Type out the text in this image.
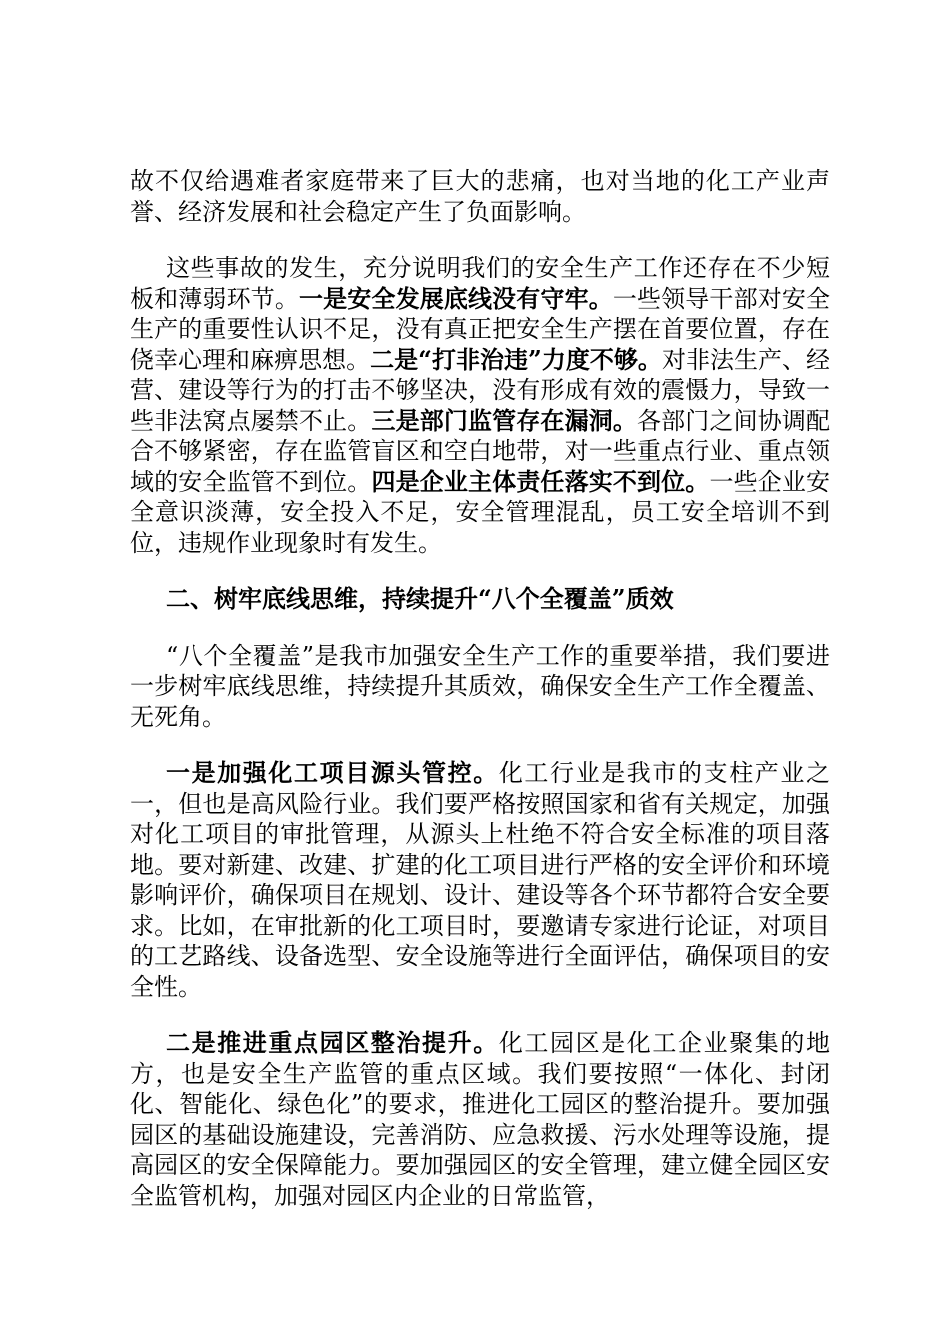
故不仅给遇难者家庭带来了巨大的悲痛，也对当地的化工产业声誉、经济发展和社会稳定产生了负面影响。

这些事故的发生，充分说明我们的安全生产工作还存在不少短板和薄弱环节。一是安全发展底线没有守牢。一些领导干部对安全生产的重要性认识不足，没有真正把安全生产摆在首要位置，存在侥幸心理和麻痹思想。二是“打非治违”力度不够。对非法生产、经营、建设等行为的打击不够坚决，没有形成有效的震慑力，导致一些非法窝点屡禁不止。三是部门监管存在漏洞。各部门之间协调配合不够紧密，存在监管盲区和空白地带，对一些重点行业、重点领域的安全监管不到位。四是企业主体责任落实不到位。一些企业安全意识淡薄，安全投入不足，安全管理混乱，员工安全培训不到位，违规作业现象时有发生。

二、树牢底线思维，持续提升“八个全覆盖”质效

“八个全覆盖”是我市加强安全生产工作的重要举措，我们要进一步树牢底线思维，持续提升其质效，确保安全生产工作全覆盖、无死角。

一是加强化工项目源头管控。化工行业是我市的支柱产业之一，但也是高风险行业。我们要严格按照国家和省有关规定，加强对化工项目的审批管理，从源头上杜绝不符合安全标准的项目落地。要对新建、改建、扩建的化工项目进行严格的安全评价和环境影响评价，确保项目在规划、设计、建设等各个环节都符合安全要求。比如，在审批新的化工项目时，要邀请专家进行论证，对项目的工艺路线、设备选型、安全设施等进行全面评估，确保项目的安全性。

二是推进重点园区整治提升。化工园区是化工企业聚集的地方，也是安全生产监管的重点区域。我们要按照“一体化、封闭化、智能化、绿色化”的要求，推进化工园区的整治提升。要加强园区的基础设施建设，完善消防、应急救援、污水处理等设施，提高园区的安全保障能力。要加强园区的安全管理，建立健全园区安全监管机构，加强对园区内企业的日常监管，
